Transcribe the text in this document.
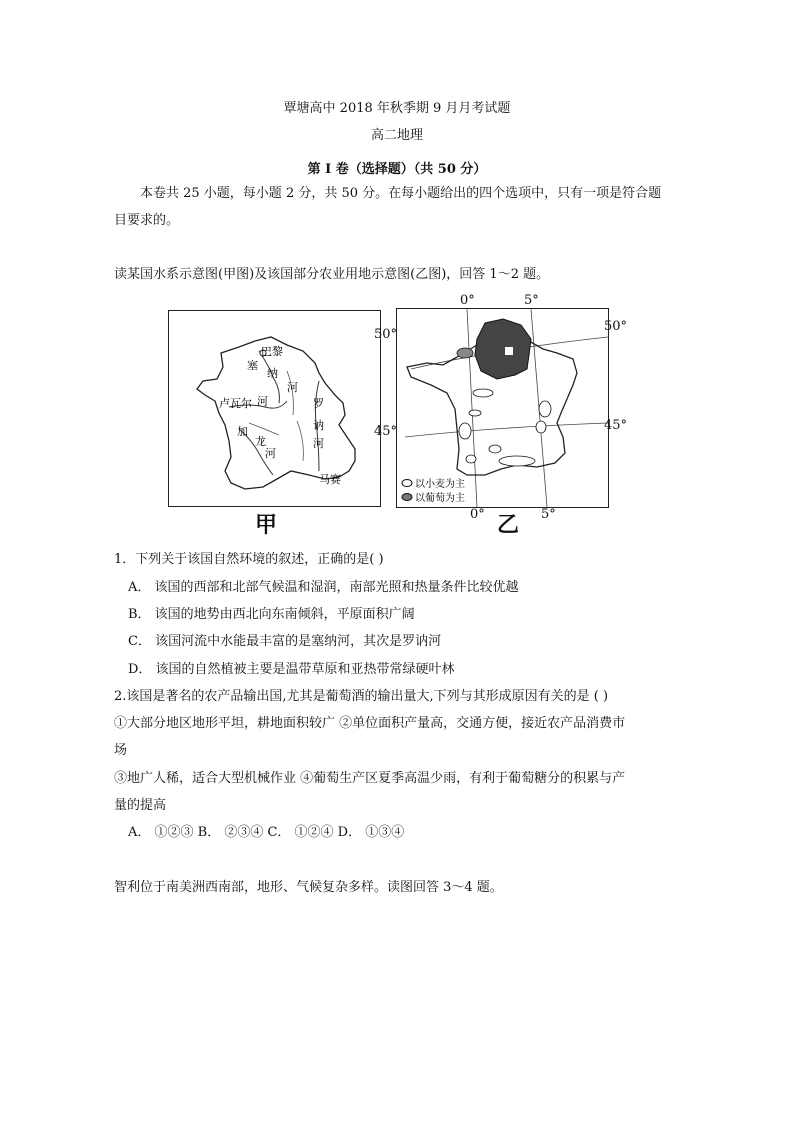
覃塘高中 2018 年秋季期 9 月月考试题
高二地理
第 I 卷（选择题）（共 50 分）
本卷共 25 小题，每小题 2 分，共 50 分。在每小题给出的四个选项中，只有一项是符合题
目要求的。
读某国水系示意图(甲图)及该国部分农业用地示意图(乙图)，回答 1～2 题。
巴黎
塞
纳
河
卢瓦尔 河
加
龙
河
罗
讷
河
马赛
甲
以小麦为主
以葡萄为主
0°	5°
50°
50°
45°	45°
0°	5°
乙
1．下列关于该国自然环境的叙述，正确的是( )
A． 该国的西部和北部气候温和湿润，南部光照和热量条件比较优越
B． 该国的地势由西北向东南倾斜，平原面积广阔
C． 该国河流中水能最丰富的是塞纳河，其次是罗讷河
D． 该国的自然植被主要是温带草原和亚热带常绿硬叶林
2.该国是著名的农产品输出国,尤其是葡萄酒的输出量大,下列与其形成原因有关的是 ( )
①大部分地区地形平坦，耕地面积较广 ②单位面积产量高，交通方便，接近农产品消费市
场
③地广人稀，适合大型机械作业 ④葡萄生产区夏季高温少雨，有利于葡萄糖分的积累与产
量的提高
A． ①②③ B． ②③④ C． ①②④ D． ①③④
智利位于南美洲西南部，地形、气候复杂多样。读图回答 3～4 题。
